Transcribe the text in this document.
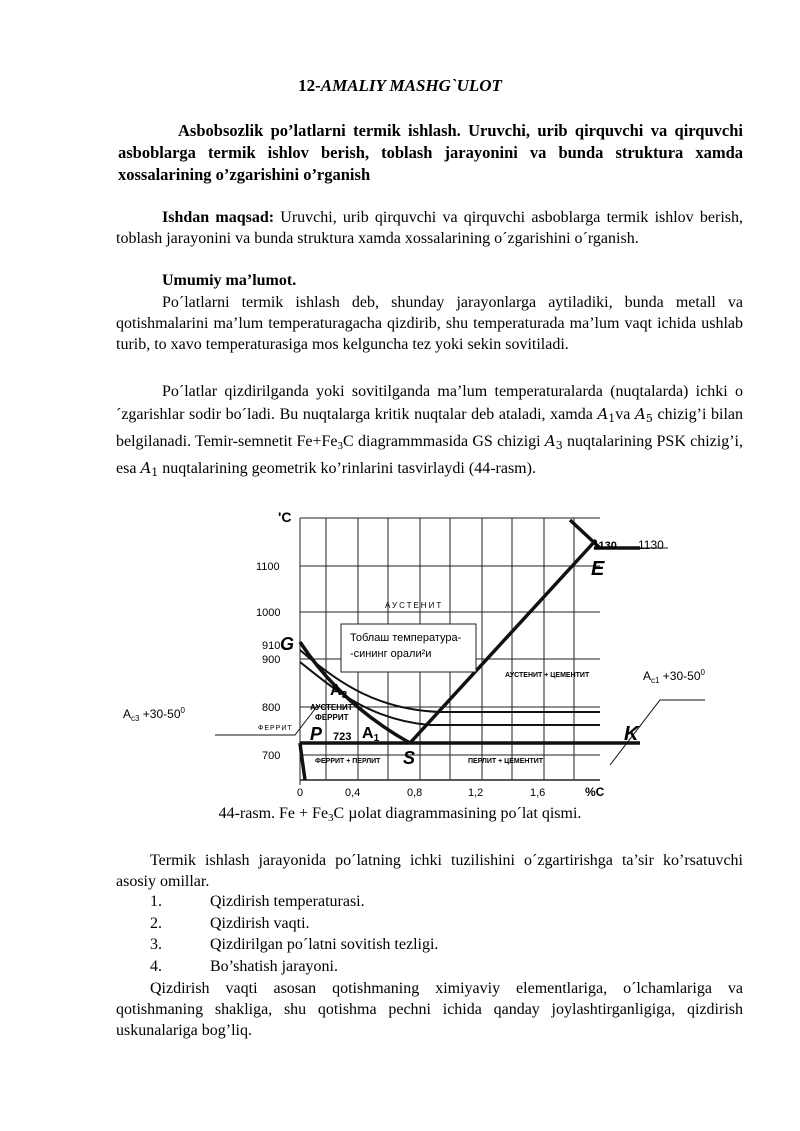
12-AMALIY MASHG`ULOT
Asbobsozlik po’latlarni termik ishlash. Uruvchi, urib qirquvchi va qirquvchi asboblarga termik ishlov berish, toblash jarayonini va bunda struktura xamda xossalarining o’zgarishini o’rganish
Ishdan maqsad: Uruvchi, urib qirquvchi va qirquvchi asboblarga termik ishlov berish, toblash jarayonini va bunda struktura xamda xossalarining o´zgarishini o´rganish.
Umumiy ma’lumot.
Po´latlarni termik ishlash deb, shunday jarayonlarga aytiladiki, bunda metall va qotishmalarini ma’lum temperaturagacha qizdirib, shu temperaturada ma’lum vaqt ichida ushlab turib, to xavo temperaturasiga mos kelguncha tez yoki sekin sovitiladi.
Po´latlar qizdirilganda yoki sovitilganda ma’lum temperaturalarda (nuqtalarda) ichki o´zgarishlar sodir bo´ladi. Bu nuqtalarga kritik nuqtalar deb ataladi, xamda $A_1va$ $A_5$ chizig’i bilan belgilanadi. Temir-semnetit $Fe+Fe_3C$ diagrammmasida GS chizigi $A_3$ nuqtalarining PSK chizig’i, esa $A_1$ nuqtalarining geometrik ko’rinlarini tasvirlaydi (44-rasm).
'C
1100
1000
910
900
800
700
0	0,4	0,8	1,2	1,6	%C
G
E
S
P	K
A3
A1
1130 1130
723
АУСТЕНИТ
АУСТЕНИТ
ФЕРРИТ
ФЕРРИТ
АУСТЕНИТ + ЦЕМЕНТИТ
ФЕРРИТ + ПЕРЛИТ	ПЕРЛИТ + ЦЕМЕНТИТ
Тоблаш температура-
-сининг орали²и
$A_{c1} +30-50^0$
$A_{c3} +30-50^0$
44-rasm. $Fe + Fe_3C$ µolat diagrammasining po´lat qismi.
Termik ishlash jarayonida po´latning ichki tuzilishini o´zgartirishga ta’sir ko’rsatuvchi asosiy omillar.
1.	Qizdirish temperaturasi.
2.	Qizdirish vaqti.
3.	Qizdirilgan po´latni sovitish tezligi.
4.	Bo’shatish jarayoni.
Qizdirish vaqti asosan qotishmaning ximiyaviy elementlariga, o´lchamlariga va qotishmaning shakliga, shu qotishma pechni ichida qanday joylashtirganligiga, qizdirish uskunalariga bog’liq.
